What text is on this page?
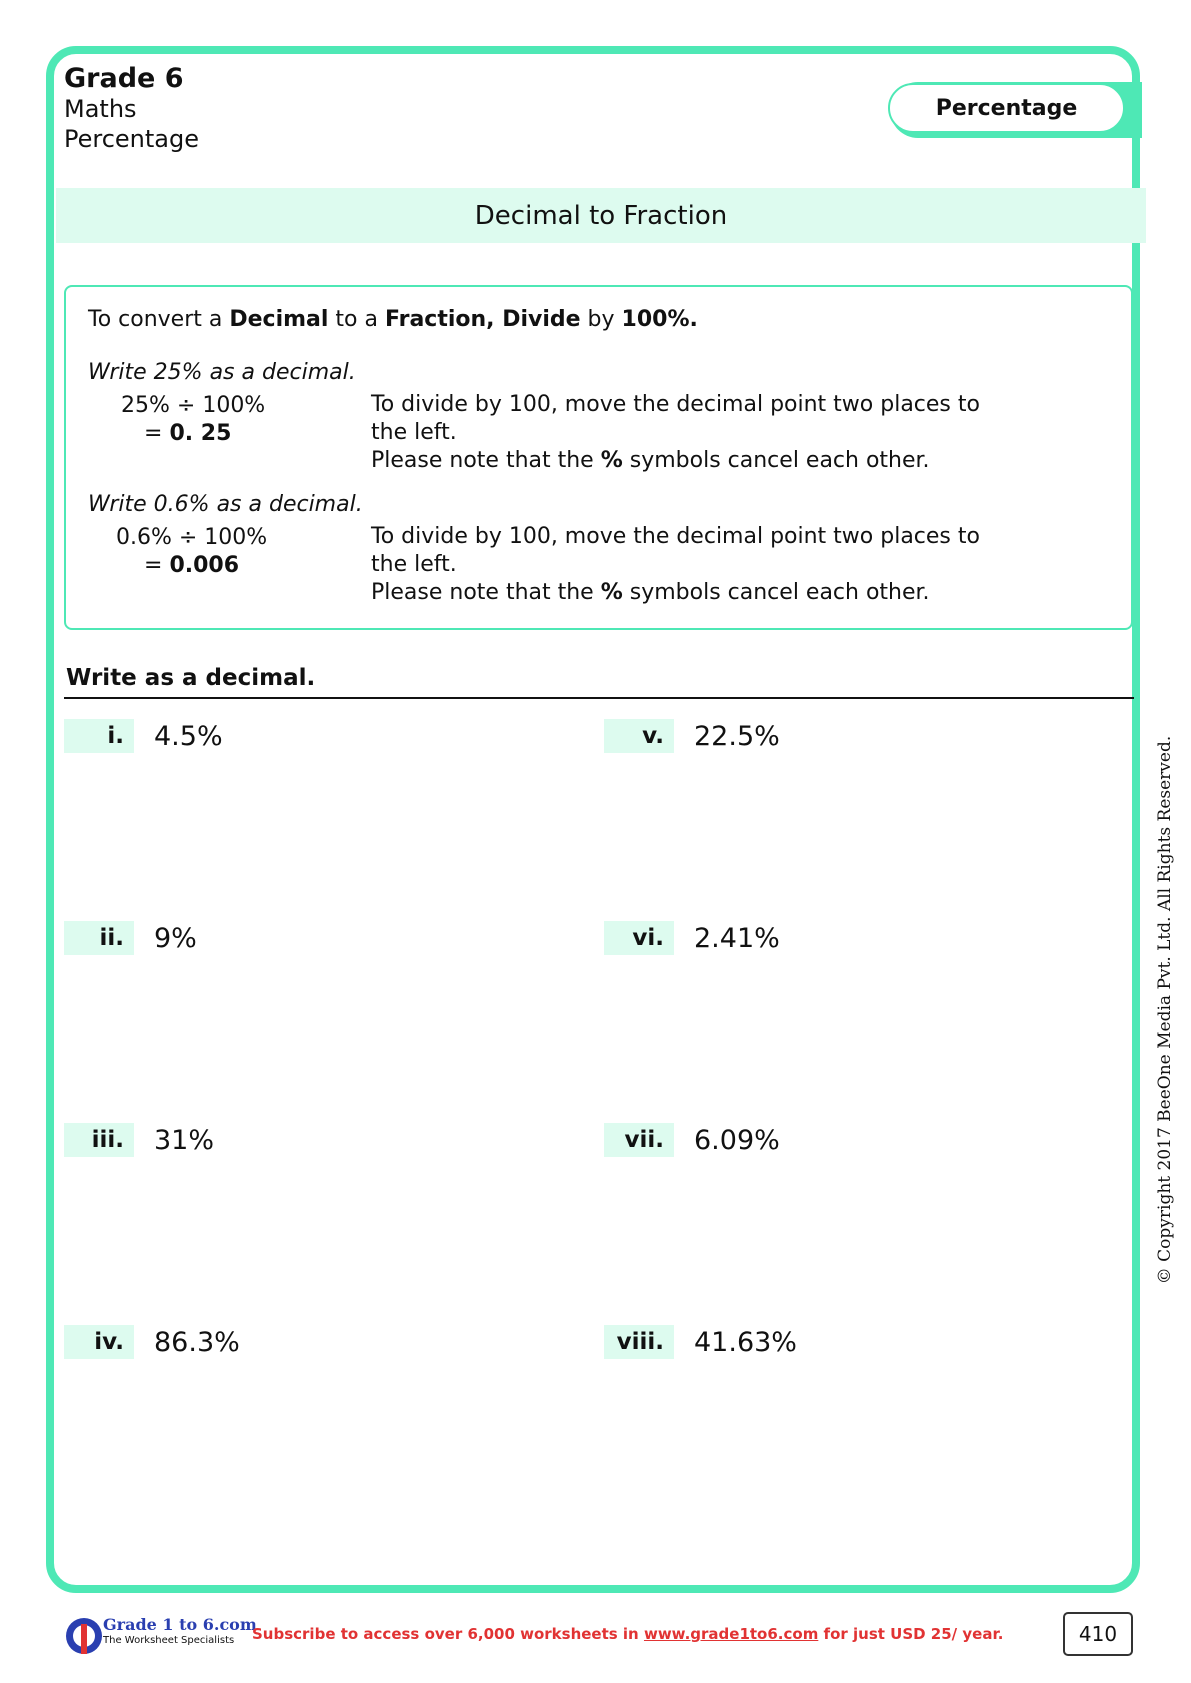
Grade 6
Maths
Percentage
Percentage
Decimal to Fraction
To convert a Decimal to a Fraction, Divide by 100%.
Write 25% as a decimal.
25% ÷ 100%
= 0. 25
To divide by 100, move the decimal point two places to the left.
Please note that the % symbols cancel each other.
Write 0.6% as a decimal.
0.6% ÷ 100%
= 0.006
To divide by 100, move the decimal point two places to the left.
Please note that the % symbols cancel each other.
Write as a decimal.
i.	4.5%
ii.	9%
iii.	31%
iv.	86.3%
v.	22.5%
vi.	2.41%
vii.	6.09%
viii.	41.63%
© Copyright 2017 BeeOne Media Pvt. Ltd. All Rights Reserved.
Grade 1 to 6.com
The Worksheet Specialists Subscribe to access over 6,000 worksheets in www.grade1to6.com for just USD 25/ year.	410
